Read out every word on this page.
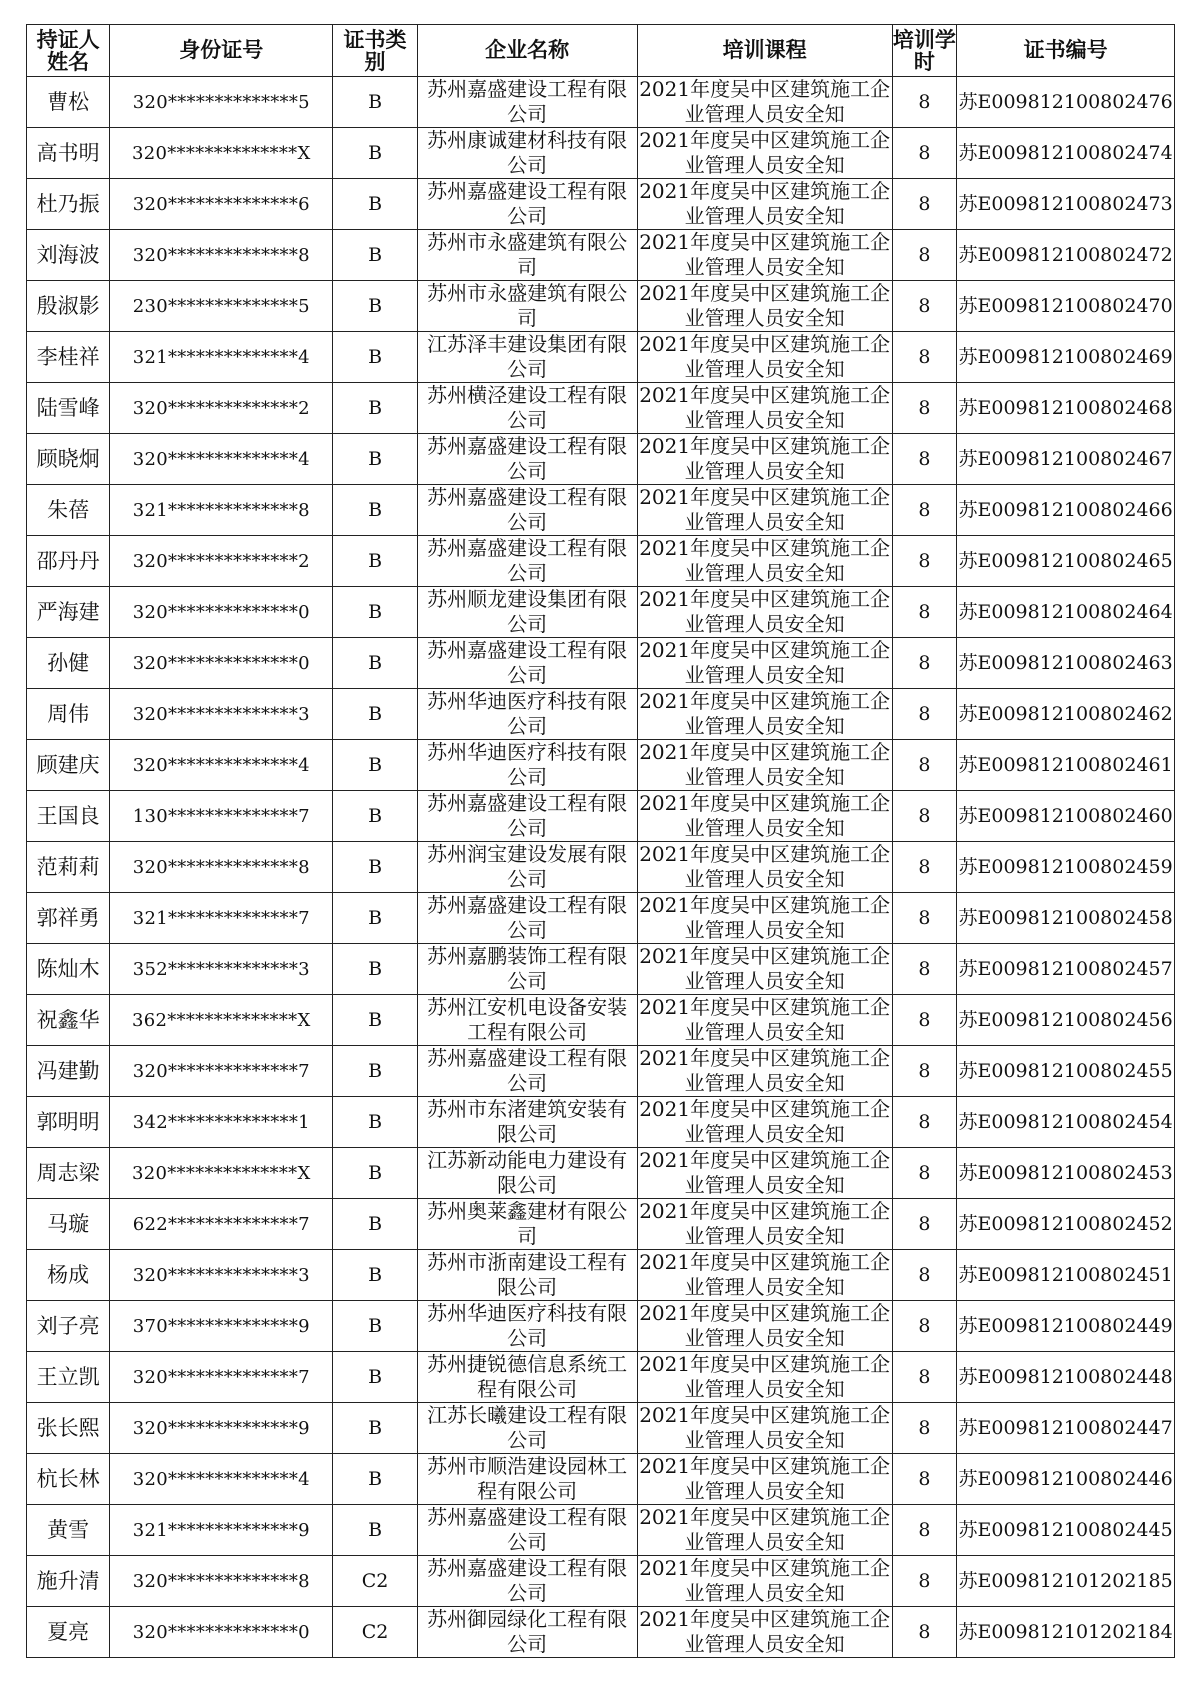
持证人姓名	身份证号	证书类别	企业名称	培训课程	培训学时	证书编号
曹松	320**************5	B	苏州嘉盛建设工程有限公司	2021年度吴中区建筑施工企业管理人员安全知	8	苏E009812100802476
高书明	320**************X	B	苏州康诚建材科技有限公司	2021年度吴中区建筑施工企业管理人员安全知	8	苏E009812100802474
杜乃振	320**************6	B	苏州嘉盛建设工程有限公司	2021年度吴中区建筑施工企业管理人员安全知	8	苏E009812100802473
刘海波	320**************8	B	苏州市永盛建筑有限公司	2021年度吴中区建筑施工企业管理人员安全知	8	苏E009812100802472
殷淑影	230**************5	B	苏州市永盛建筑有限公司	2021年度吴中区建筑施工企业管理人员安全知	8	苏E009812100802470
李桂祥	321**************4	B	江苏泽丰建设集团有限公司	2021年度吴中区建筑施工企业管理人员安全知	8	苏E009812100802469
陆雪峰	320**************2	B	苏州横泾建设工程有限公司	2021年度吴中区建筑施工企业管理人员安全知	8	苏E009812100802468
顾晓炯	320**************4	B	苏州嘉盛建设工程有限公司	2021年度吴中区建筑施工企业管理人员安全知	8	苏E009812100802467
朱蓓	321**************8	B	苏州嘉盛建设工程有限公司	2021年度吴中区建筑施工企业管理人员安全知	8	苏E009812100802466
邵丹丹	320**************2	B	苏州嘉盛建设工程有限公司	2021年度吴中区建筑施工企业管理人员安全知	8	苏E009812100802465
严海建	320**************0	B	苏州顺龙建设集团有限公司	2021年度吴中区建筑施工企业管理人员安全知	8	苏E009812100802464
孙健	320**************0	B	苏州嘉盛建设工程有限公司	2021年度吴中区建筑施工企业管理人员安全知	8	苏E009812100802463
周伟	320**************3	B	苏州华迪医疗科技有限公司	2021年度吴中区建筑施工企业管理人员安全知	8	苏E009812100802462
顾建庆	320**************4	B	苏州华迪医疗科技有限公司	2021年度吴中区建筑施工企业管理人员安全知	8	苏E009812100802461
王国良	130**************7	B	苏州嘉盛建设工程有限公司	2021年度吴中区建筑施工企业管理人员安全知	8	苏E009812100802460
范莉莉	320**************8	B	苏州润宝建设发展有限公司	2021年度吴中区建筑施工企业管理人员安全知	8	苏E009812100802459
郭祥勇	321**************7	B	苏州嘉盛建设工程有限公司	2021年度吴中区建筑施工企业管理人员安全知	8	苏E009812100802458
陈灿木	352**************3	B	苏州嘉鹏装饰工程有限公司	2021年度吴中区建筑施工企业管理人员安全知	8	苏E009812100802457
祝鑫华	362**************X	B	苏州江安机电设备安装工程有限公司	2021年度吴中区建筑施工企业管理人员安全知	8	苏E009812100802456
冯建勤	320**************7	B	苏州嘉盛建设工程有限公司	2021年度吴中区建筑施工企业管理人员安全知	8	苏E009812100802455
郭明明	342**************1	B	苏州市东渚建筑安装有限公司	2021年度吴中区建筑施工企业管理人员安全知	8	苏E009812100802454
周志梁	320**************X	B	江苏新动能电力建设有限公司	2021年度吴中区建筑施工企业管理人员安全知	8	苏E009812100802453
马璇	622**************7	B	苏州奥莱鑫建材有限公司	2021年度吴中区建筑施工企业管理人员安全知	8	苏E009812100802452
杨成	320**************3	B	苏州市浙南建设工程有限公司	2021年度吴中区建筑施工企业管理人员安全知	8	苏E009812100802451
刘子亮	370**************9	B	苏州华迪医疗科技有限公司	2021年度吴中区建筑施工企业管理人员安全知	8	苏E009812100802449
王立凯	320**************7	B	苏州捷锐德信息系统工程有限公司	2021年度吴中区建筑施工企业管理人员安全知	8	苏E009812100802448
张长熙	320**************9	B	江苏长曦建设工程有限公司	2021年度吴中区建筑施工企业管理人员安全知	8	苏E009812100802447
杭长林	320**************4	B	苏州市顺浩建设园林工程有限公司	2021年度吴中区建筑施工企业管理人员安全知	8	苏E009812100802446
黄雪	321**************9	B	苏州嘉盛建设工程有限公司	2021年度吴中区建筑施工企业管理人员安全知	8	苏E009812100802445
施升清	320**************8	C2	苏州嘉盛建设工程有限公司	2021年度吴中区建筑施工企业管理人员安全知	8	苏E009812101202185
夏亮	320**************0	C2	苏州御园绿化工程有限公司	2021年度吴中区建筑施工企业管理人员安全知	8	苏E009812101202184
